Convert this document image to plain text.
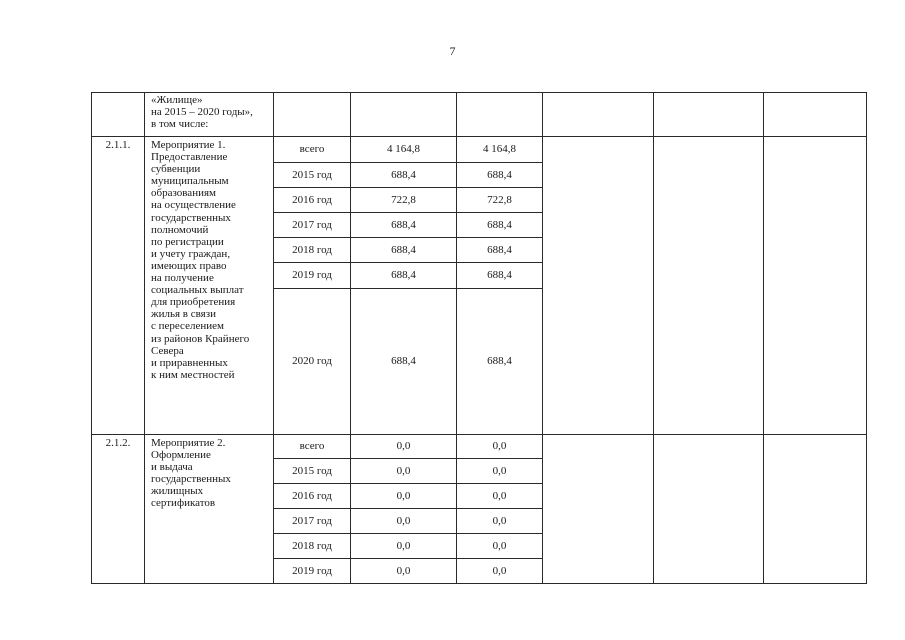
7
«Жилище»
на 2015 – 2020 годы»,
в том числе:
2.1.1.	Мероприятие 1.
Предоставление
субвенции
муниципальным
образованиям
на осуществление
государственных
полномочий
по регистрации
и учету граждан,
имеющих право
на получение
социальных выплат
для приобретения
жилья в связи
с переселением
из районов Крайнего
Севера
и приравненных
к ним местностей
всего	4 164,8	4 164,8
2015 год	688,4	688,4
2016 год	722,8	722,8
2017 год	688,4	688,4
2018 год	688,4	688,4
2019 год	688,4	688,4
2020 год	688,4	688,4
2.1.2.	Мероприятие 2.
Оформление
и выдача
государственных
жилищных
сертификатов
всего	0,0	0,0
2015 год	0,0	0,0
2016 год	0,0	0,0
2017 год	0,0	0,0
2018 год	0,0	0,0
2019 год	0,0	0,0
